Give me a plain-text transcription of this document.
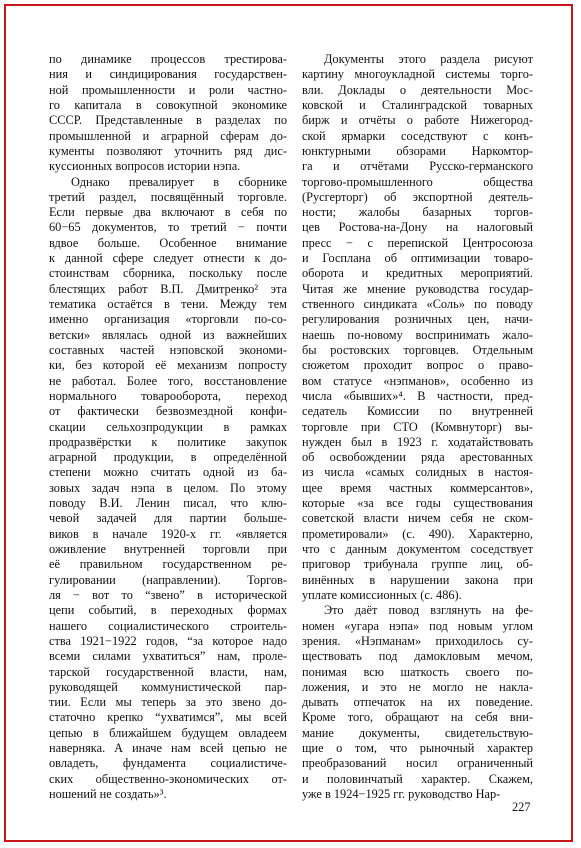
по динамике процессов трестирова-
ния и синдицирования государствен-
ной промышленности и роли частно-
го капитала в совокупной экономике
СССР. Представленные в разделах по
промышленной и аграрной сферам до-
кументы позволяют уточнить ряд дис-
куссионных вопросов истории нэпа.
Однако превалирует в сборнике
третий раздел, посвящённый торговле.
Если первые два включают в себя по
60−65 документов, то третий − почти
вдвое больше. Особенное внимание
к данной сфере следует отнести к до-
стоинствам сборника, поскольку после
блестящих работ В.П. Дмитренко² эта
тематика остаётся в тени. Между тем
именно организация «торговли по-со-
ветски» являлась одной из важнейших
составных частей нэповской экономи-
ки, без которой её механизм попросту
не работал. Более того, восстановление
нормального товарооборота, переход
от фактически безвозмездной конфи-
скации сельхозпродукции в рамках
продразвёрстки к политике закупок
аграрной продукции, в определённой
степени можно считать одной из ба-
зовых задач нэпа в целом. По этому
поводу В.И. Ленин писал, что клю-
чевой задачей для партии больше-
виков в начале 1920-х гг. «является
оживление внутренней торговли при
её правильном государственном ре-
гулировании (направлении). Торгов-
ля − вот то “звено” в исторической
цепи событий, в переходных формах
нашего социалистического строитель-
ства 1921−1922 годов, “за которое надо
всеми силами ухватиться” нам, проле-
тарской государственной власти, нам,
руководящей коммунистической пар-
тии. Если мы теперь за это звено до-
статочно крепко “ухватимся”, мы всей
цепью в ближайшем будущем овладеем
наверняка. А иначе нам всей цепью не
овладеть, фундамента социалистиче-
ских общественно-экономических от-
ношений не создать»³.
Документы этого раздела рисуют
картину многоукладной системы торго-
вли. Доклады о деятельности Мос-
ковской и Сталинградской товарных
бирж и отчёты о работе Нижегород-
ской ярмарки соседствуют с конъ-
юнктурными обзорами Наркомтор-
га и отчётами Русско-германского
торгово-промышленного общества
(Русгерторг) об экспортной деятель-
ности; жалобы базарных торгов-
цев Ростова-на-Дону на налоговый
пресс − с перепиской Центросоюза
и Госплана об оптимизации товаро-
оборота и кредитных мероприятий.
Читая же мнение руководства государ-
ственного синдиката «Соль» по поводу
регулирования розничных цен, начи-
наешь по-новому воспринимать жало-
бы ростовских торговцев. Отдельным
сюжетом проходит вопрос о право-
вом статусе «нэпманов», особенно из
числа «бывших»⁴. В частности, пред-
седатель Комиссии по внутренней
торговле при СТО (Комвнуторг) вы-
нужден был в 1923 г. ходатайствовать
об освобождении ряда арестованных
из числа «самых солидных в настоя-
щее время частных коммерсантов»,
которые «за все годы существования
советской власти ничем себя не ском-
прометировали» (с. 490). Характерно,
что с данным документом соседствует
приговор трибунала группе лиц, об-
винённых в нарушении закона при
уплате комиссионных (с. 486).
Это даёт повод взглянуть на фе-
номен «угара нэпа» под новым углом
зрения. «Нэпманам» приходилось су-
ществовать под дамокловым мечом,
понимая всю шаткость своего по-
ложения, и это не могло не накла-
дывать отпечаток на их поведение.
Кроме того, обращают на себя вни-
мание документы, свидетельствую-
щие о том, что рыночный характер
преобразований носил ограниченный
и половинчатый характер. Скажем,
уже в 1924−1925 гг. руководство Нар-
227
